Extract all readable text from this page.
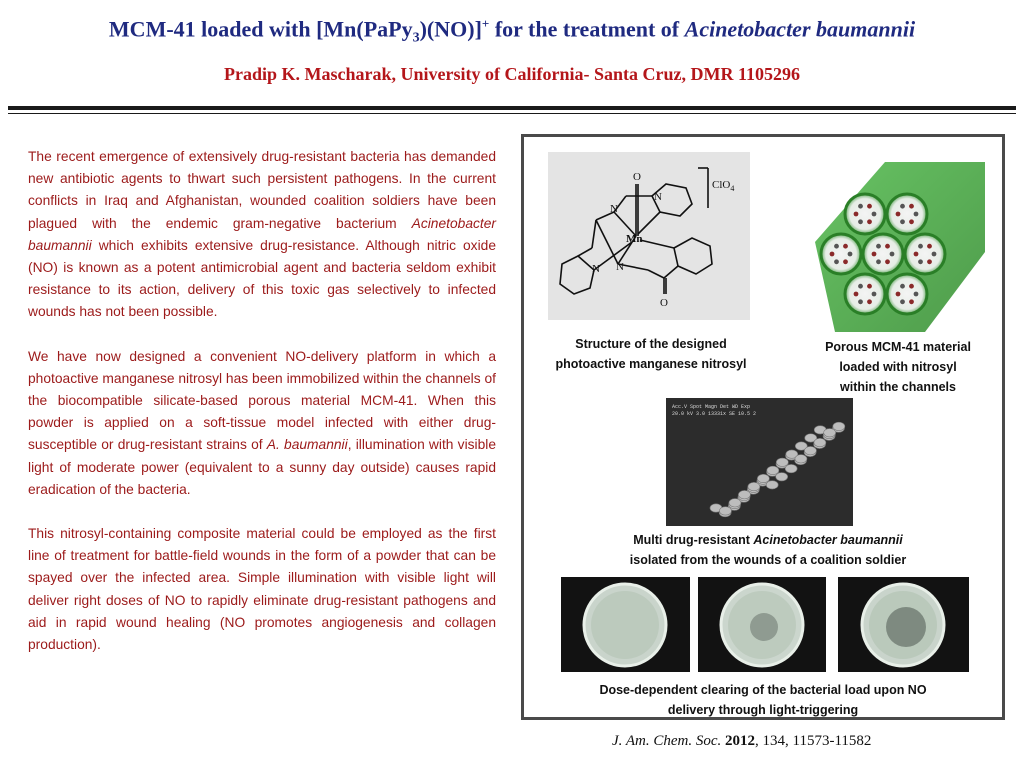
MCM-41 loaded with [Mn(PaPy$_3$)(NO)]+ for the treatment of Acinetobacter baumannii
Pradip K. Mascharak, University of California- Santa Cruz, DMR 1105296

The recent emergence of extensively drug-resistant bacteria has demanded new antibiotic agents to thwart such persistent pathogens. In the current conflicts in Iraq and Afghanistan, wounded coalition soldiers have been plagued with the endemic gram-negative bacterium Acinetobacter baumannii which exhibits extensive drug-resistance. Although nitric oxide (NO) is known as a potent antimicrobial agent and bacteria seldom exhibit resistance to its action, delivery of this toxic gas selectively to infected wounds has not been possible.

We have now designed a convenient NO-delivery platform in which a photoactive manganese nitrosyl has been immobilized within the channels of the biocompatible silicate-based porous material MCM-41. When this powder is applied on a soft-tissue model infected with either drug-susceptible or drug-resistant strains of A. baumannii, illumination with visible light of moderate power (equivalent to a sunny day outside) causes rapid eradication of the bacteria.

This nitrosyl-containing composite material could be employed as the first line of treatment for battle-field wounds in the form of a powder that can be spayed over the infected area. Simple illumination with visible light will deliver right doses of NO to rapidly eliminate drug-resistant pathogens and aid in rapid wound healing (NO promotes angiogenesis and collagen production).

O
Mn
N
N
N
N
O
ClO$_4$
Structure of the designed
photoactive manganese nitrosyl
Porous MCM-41 material
loaded with nitrosyl
within the channels
Acc.V Spot Magn Det WD Exp
20.0 kV 3.0 13331x SE 10.5 2
Multi drug-resistant Acinetobacter baumannii
isolated from the wounds of a coalition soldier
Dose-dependent clearing of the bacterial load upon NO
delivery through light-triggering
J. Am. Chem. Soc. 2012, 134, 11573-11582
